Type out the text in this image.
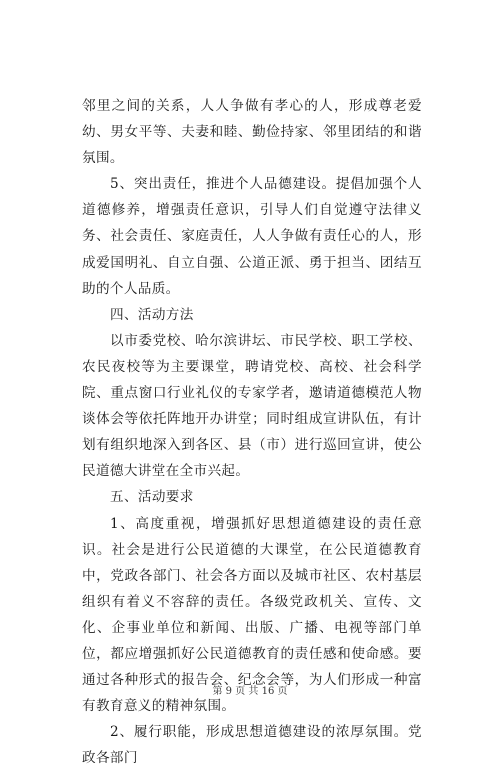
邻里之间的关系，人人争做有孝心的人，形成尊老爱幼、男女平等、夫妻和睦、勤俭持家、邻里团结的和谐氛围。

5、突出责任，推进个人品德建设。提倡加强个人道德修养，增强责任意识，引导人们自觉遵守法律义务、社会责任、家庭责任，人人争做有责任心的人，形成爱国明礼、自立自强、公道正派、勇于担当、团结互助的个人品质。

四、活动方法

以市委党校、哈尔滨讲坛、市民学校、职工学校、农民夜校等为主要课堂，聘请党校、高校、社会科学院、重点窗口行业礼仪的专家学者，邀请道德模范人物谈体会等依托阵地开办讲堂；同时组成宣讲队伍，有计划有组织地深入到各区、县（市）进行巡回宣讲，使公民道德大讲堂在全市兴起。

五、活动要求

1、高度重视，增强抓好思想道德建设的责任意识。社会是进行公民道德的大课堂，在公民道德教育中，党政各部门、社会各方面以及城市社区、农村基层组织有着义不容辞的责任。各级党政机关、宣传、文化、企事业单位和新闻、出版、广播、电视等部门单位，都应增强抓好公民道德教育的责任感和使命感。要通过各种形式的报告会、纪念会等，为人们形成一种富有教育意义的精神氛围。

2、履行职能，形成思想道德建设的浓厚氛围。党政各部门

第 9 页 共 16 页
